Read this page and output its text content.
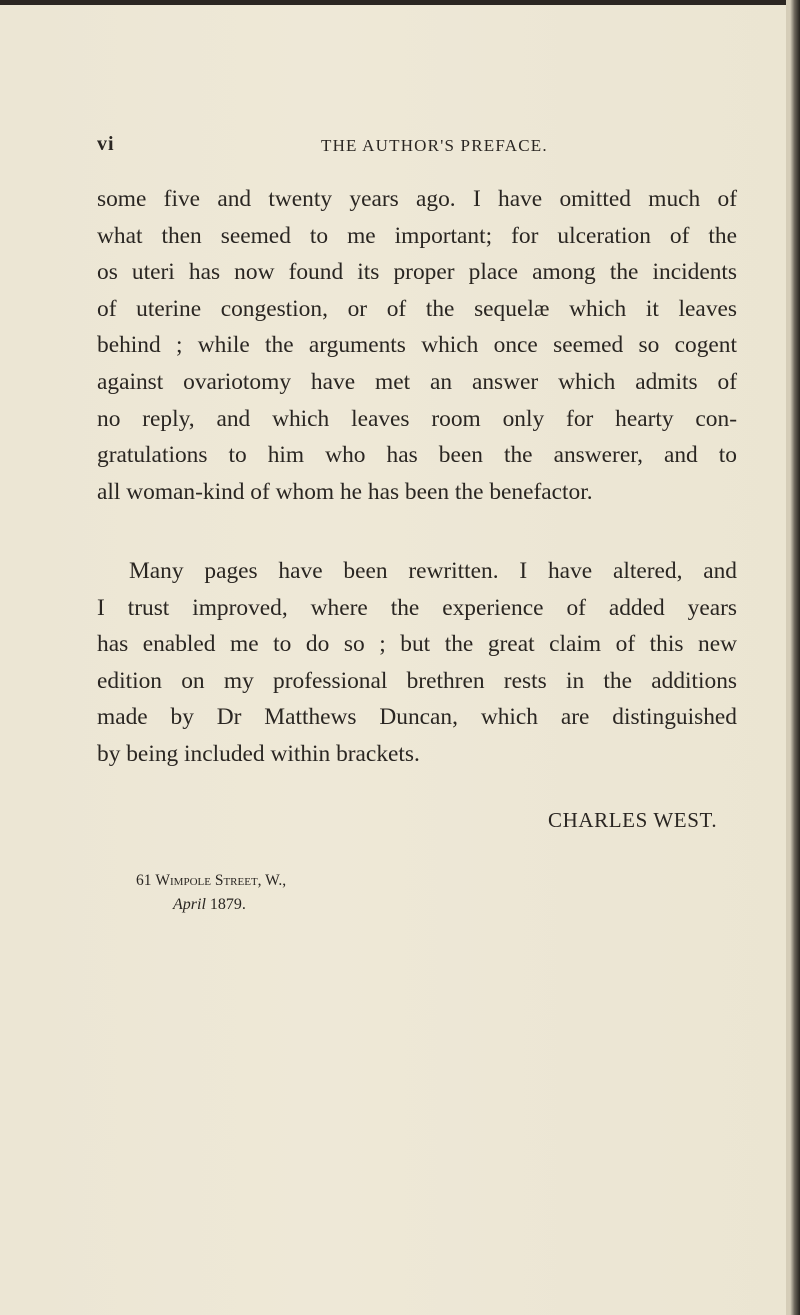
vi	THE AUTHOR'S PREFACE.
some five and twenty years ago. I have omitted much of
what then seemed to me important; for ulceration of the
os uteri has now found its proper place among the incidents
of uterine congestion, or of the sequelæ which it leaves
behind ; while the arguments which once seemed so cogent
against ovariotomy have met an answer which admits of
no reply, and which leaves room only for hearty con-
gratulations to him who has been the answerer, and to
all woman-kind of whom he has been the benefactor.
Many pages have been rewritten. I have altered, and
I trust improved, where the experience of added years
has enabled me to do so ; but the great claim of this new
edition on my professional brethren rests in the additions
made by Dr Matthews Duncan, which are distinguished
by being included within brackets.
CHARLES WEST.
61 Wimpole Street, W.,
April 1879.
